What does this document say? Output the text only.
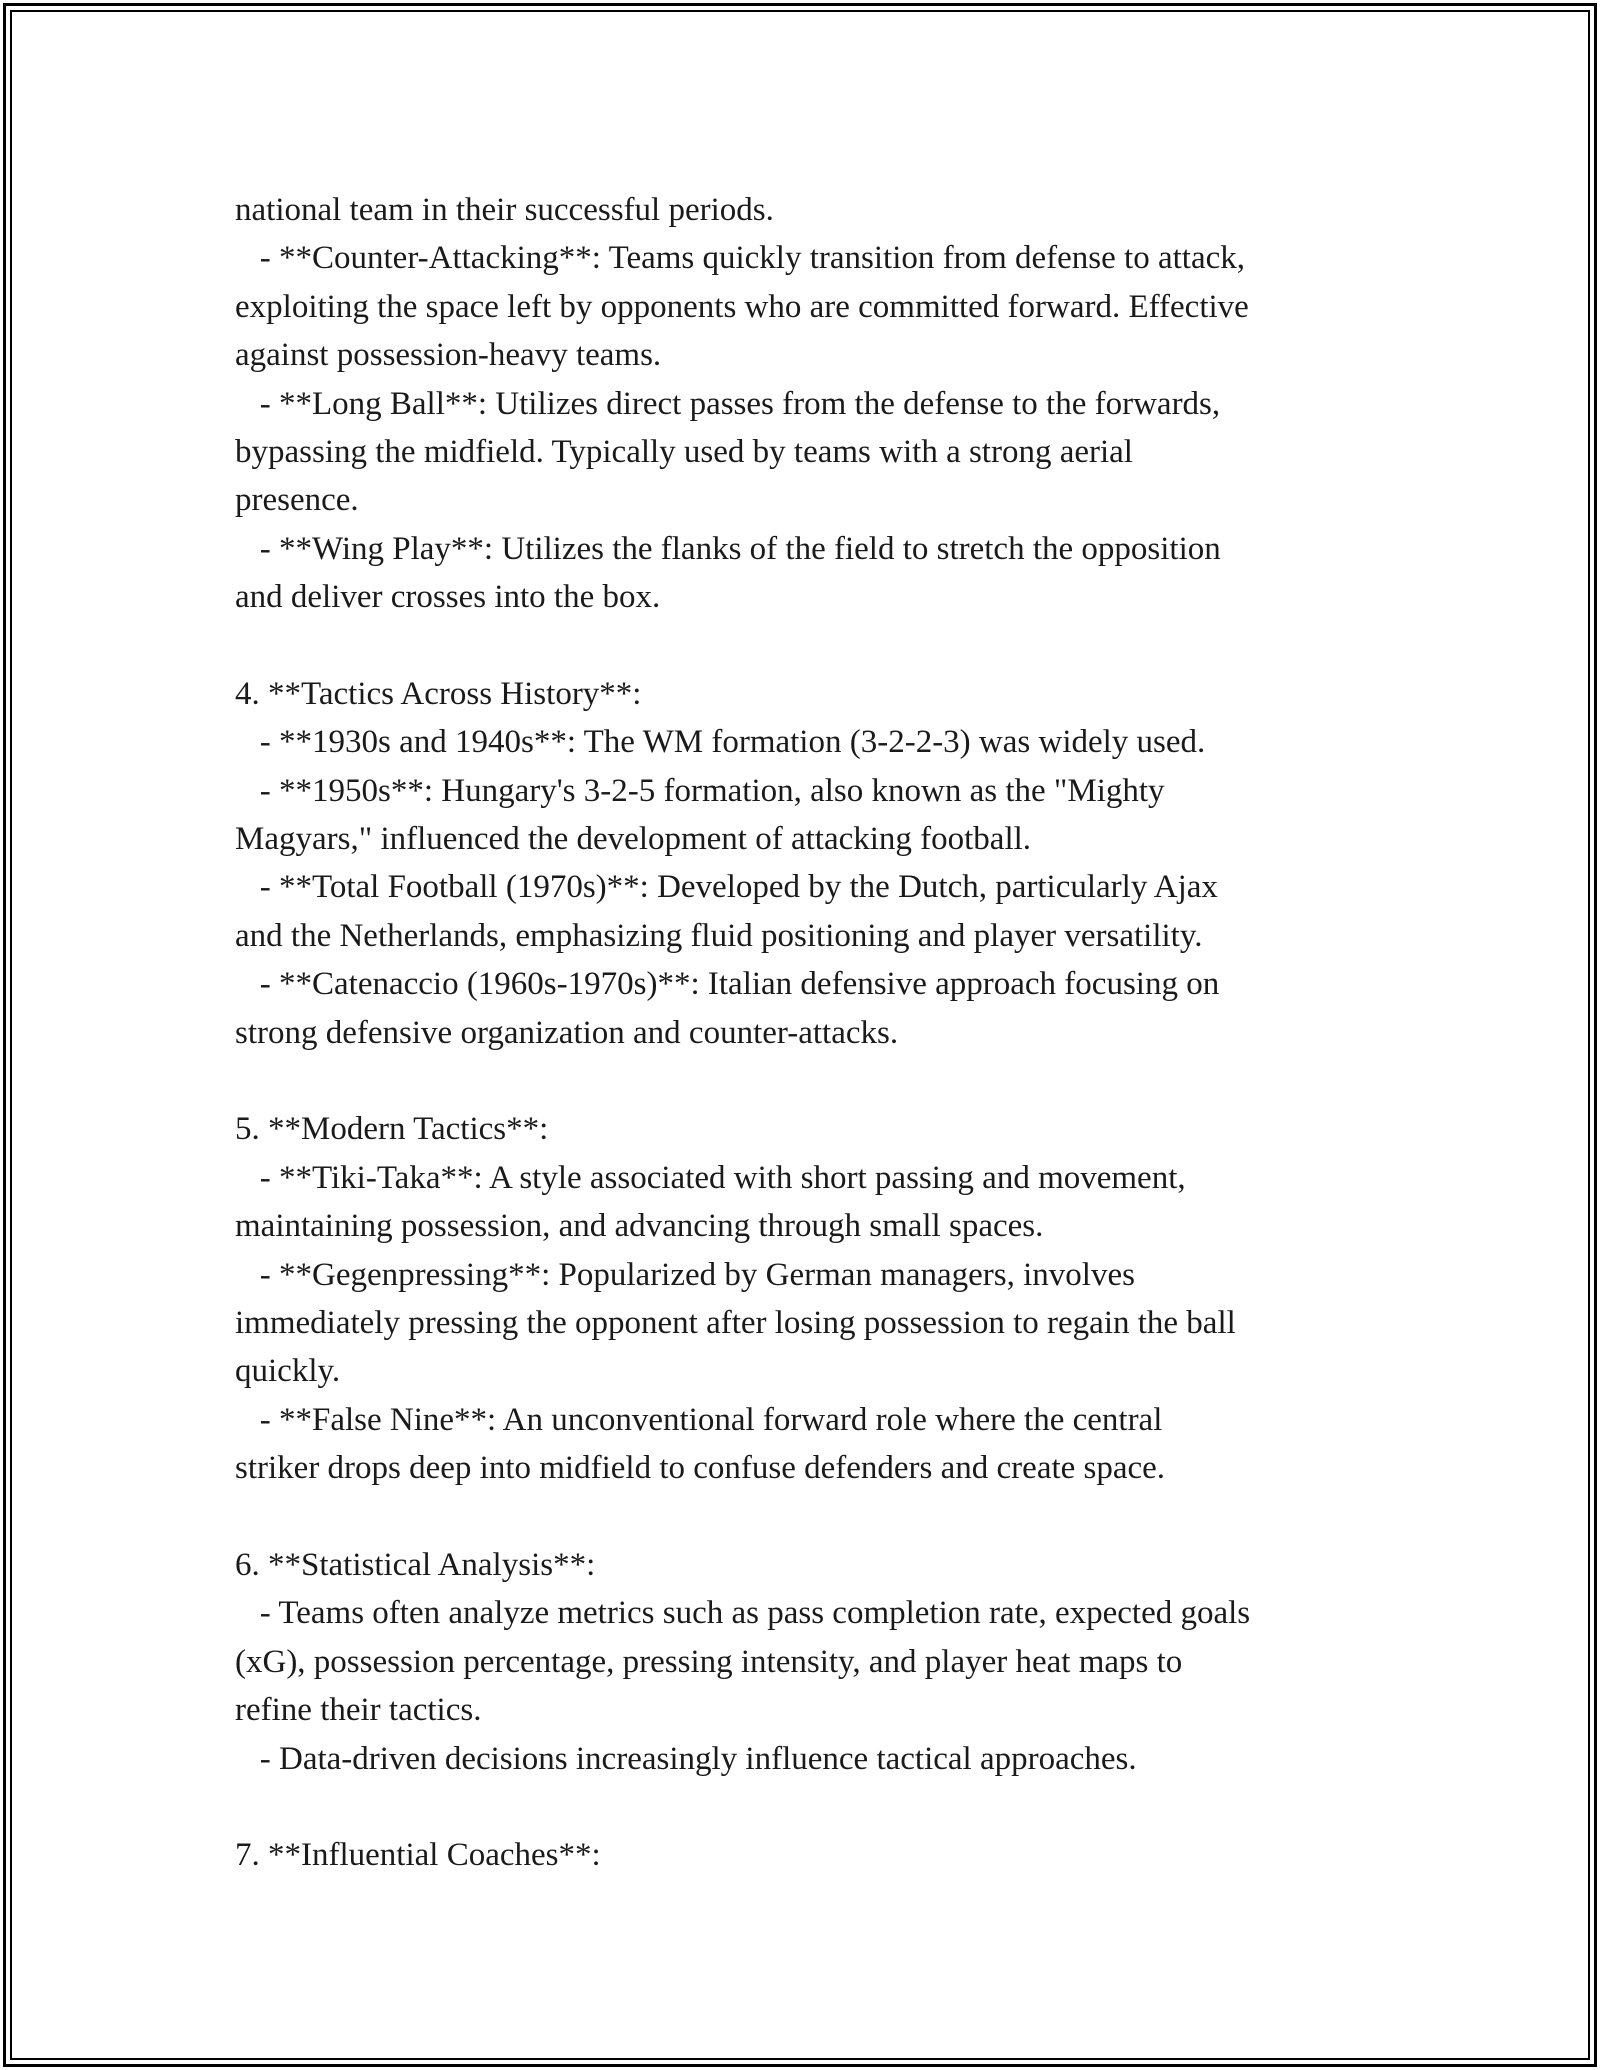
national team in their successful periods.
- **Counter-Attacking**: Teams quickly transition from defense to attack,
exploiting the space left by opponents who are committed forward. Effective
against possession-heavy teams.
- **Long Ball**: Utilizes direct passes from the defense to the forwards,
bypassing the midfield. Typically used by teams with a strong aerial
presence.
- **Wing Play**: Utilizes the flanks of the field to stretch the opposition
and deliver crosses into the box.
4. **Tactics Across History**:
- **1930s and 1940s**: The WM formation (3-2-2-3) was widely used.
- **1950s**: Hungary's 3-2-5 formation, also known as the "Mighty
Magyars," influenced the development of attacking football.
- **Total Football (1970s)**: Developed by the Dutch, particularly Ajax
and the Netherlands, emphasizing fluid positioning and player versatility.
- **Catenaccio (1960s-1970s)**: Italian defensive approach focusing on
strong defensive organization and counter-attacks.
5. **Modern Tactics**:
- **Tiki-Taka**: A style associated with short passing and movement,
maintaining possession, and advancing through small spaces.
- **Gegenpressing**: Popularized by German managers, involves
immediately pressing the opponent after losing possession to regain the ball
quickly.
- **False Nine**: An unconventional forward role where the central
striker drops deep into midfield to confuse defenders and create space.
6. **Statistical Analysis**:
- Teams often analyze metrics such as pass completion rate, expected goals
(xG), possession percentage, pressing intensity, and player heat maps to
refine their tactics.
- Data-driven decisions increasingly influence tactical approaches.
7. **Influential Coaches**:
